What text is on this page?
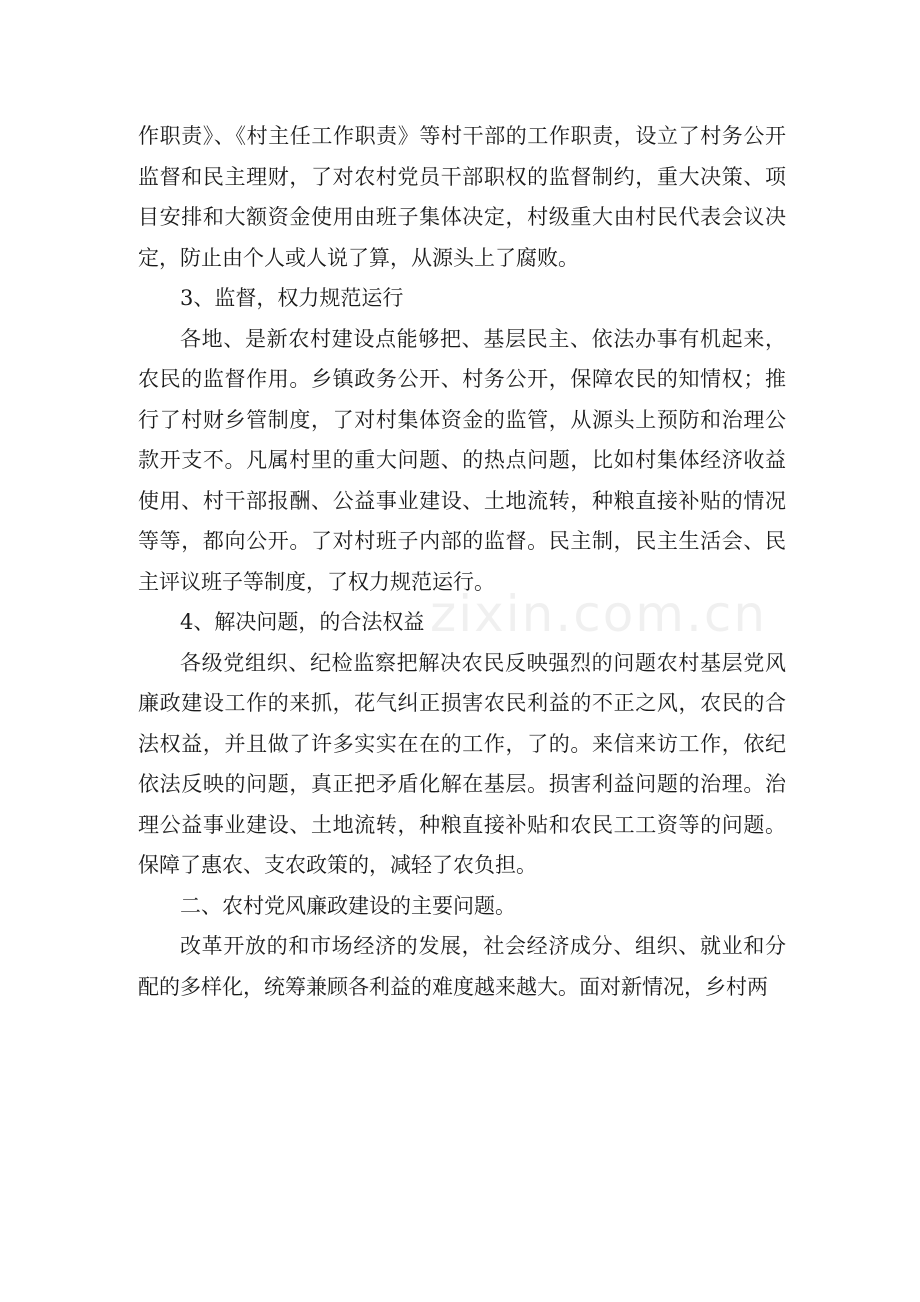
作职责》、《村主任工作职责》等村干部的工作职责，设立了村务公开监督和民主理财，了对农村党员干部职权的监督制约，重大决策、项目安排和大额资金使用由班子集体决定，村级重大由村民代表会议决定，防止由个人或人说了算，从源头上了腐败。

3、监督，权力规范运行

各地、是新农村建设点能够把、基层民主、依法办事有机起来，农民的监督作用。乡镇政务公开、村务公开，保障农民的知情权；推行了村财乡管制度，了对村集体资金的监管，从源头上预防和治理公款开支不。凡属村里的重大问题、的热点问题，比如村集体经济收益使用、村干部报酬、公益事业建设、土地流转，种粮直接补贴的情况等等，都向公开。了对村班子内部的监督。民主制，民主生活会、民主评议班子等制度，了权力规范运行。

4、解决问题，的合法权益

各级党组织、纪检监察把解决农民反映强烈的问题农村基层党风廉政建设工作的来抓，花气纠正损害农民利益的不正之风，农民的合法权益，并且做了许多实实在在的工作，了的。来信来访工作，依纪依法反映的问题，真正把矛盾化解在基层。损害利益问题的治理。治理公益事业建设、土地流转，种粮直接补贴和农民工工资等的问题。保障了惠农、支农政策的，减轻了农负担。

二、农村党风廉政建设的主要问题。

改革开放的和市场经济的发展，社会经济成分、组织、就业和分配的多样化，统筹兼顾各利益的难度越来越大。面对新情况，乡村两

zixin.com.cn
